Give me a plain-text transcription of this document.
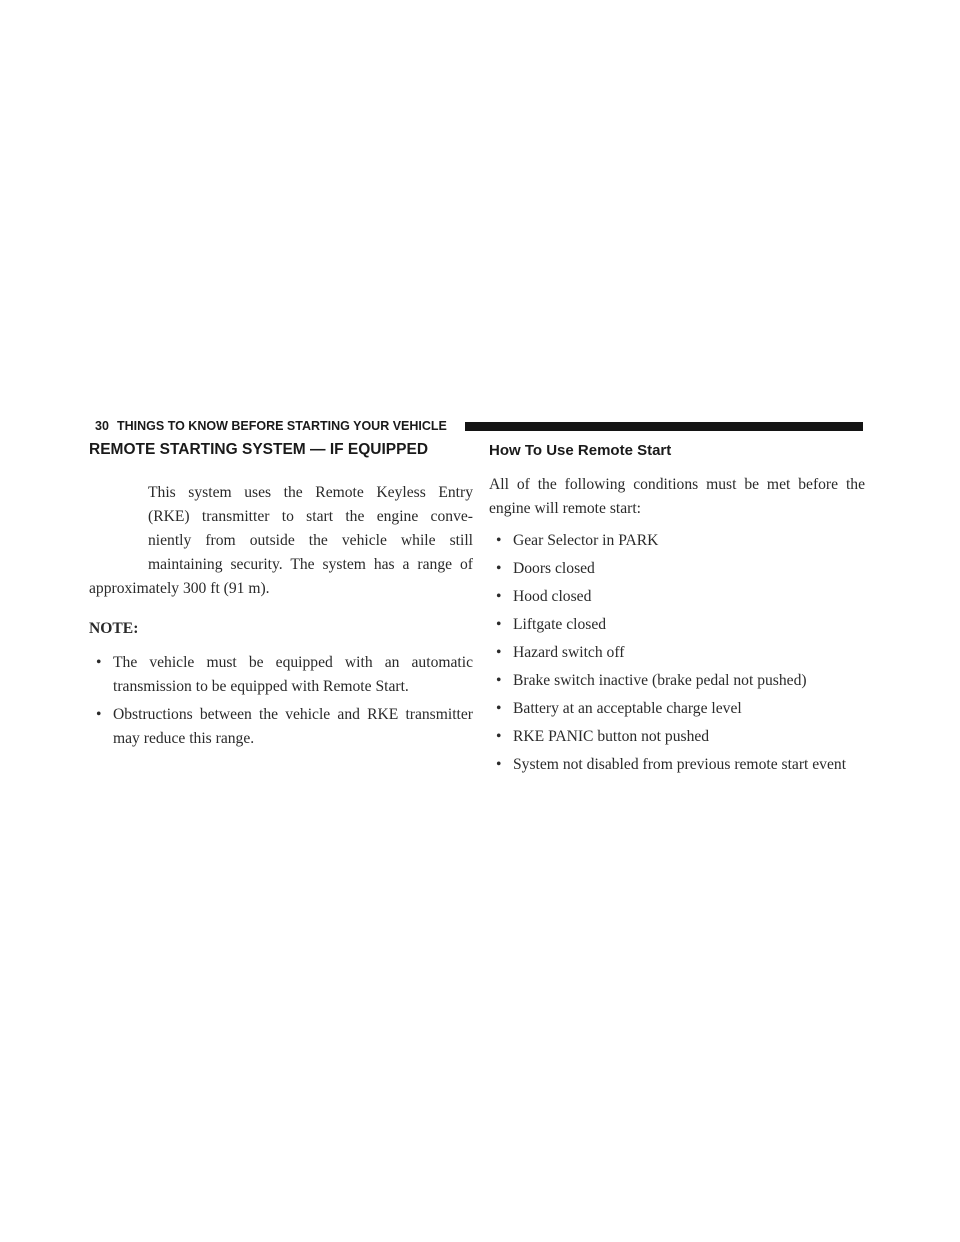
30 THINGS TO KNOW BEFORE STARTING YOUR VEHICLE
REMOTE STARTING SYSTEM — IF EQUIPPED
This system uses the Remote Keyless Entry
(RKE) transmitter to start the engine conve-
niently from outside the vehicle while still
maintaining security. The system has a range of
approximately 300 ft (91 m).

NOTE:

• The vehicle must be equipped with an automatic transmission to be equipped with Remote Start.
• Obstructions between the vehicle and RKE transmitter may reduce this range.
How To Use Remote Start

All of the following conditions must be met before the engine will remote start:

• Gear Selector in PARK
• Doors closed
• Hood closed
• Liftgate closed
• Hazard switch off
• Brake switch inactive (brake pedal not pushed)
• Battery at an acceptable charge level
• RKE PANIC button not pushed
• System not disabled from previous remote start event
